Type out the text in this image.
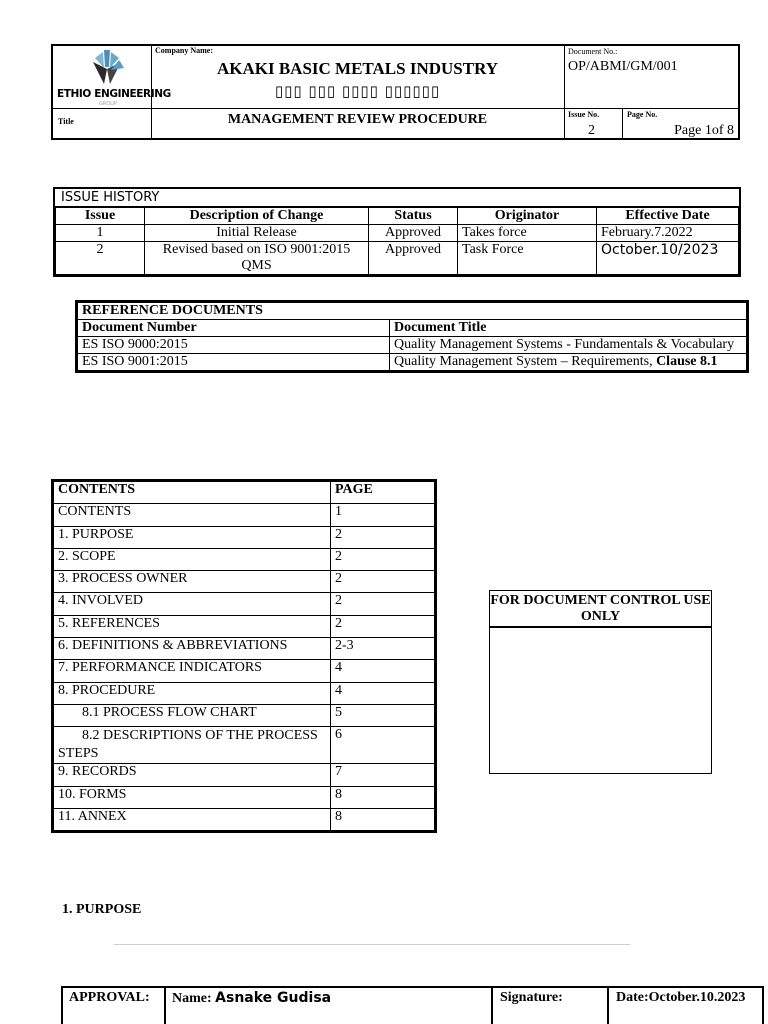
ETHIO ENGINEERING
GROUP
Company Name:
AKAKI BASIC METALS INDUSTRY
▯▯▯ ▯▯▯ ▯▯▯▯ ▯▯▯▯▯▯
Document No.:
OP/ABMI/GM/001
Title	MANAGEMENT REVIEW PROCEDURE	Issue No.
2
Page No.
Page 1of 8
ISSUE HISTORY
Issue	Description of Change	Status	Originator	Effective Date
1	Initial Release	Approved	Takes force	February.7.2022
2	Revised based on ISO 9001:2015 QMS	Approved	Task Force	October.10/2023
REFERENCE DOCUMENTS	
Document Number	Document Title
ES ISO 9000:2015	Quality Management Systems - Fundamentals & Vocabulary
ES ISO 9001:2015	Quality Management System – Requirements, Clause 8.1
CONTENTS	PAGE
CONTENTS	1
1. PURPOSE	2
2. SCOPE	2
3. PROCESS OWNER	2
4. INVOLVED	2
5. REFERENCES	2
6. DEFINITIONS & ABBREVIATIONS	2-3
7. PERFORMANCE INDICATORS	4
8. PROCEDURE	4
8.1 PROCESS FLOW CHART	5
8.2 DESCRIPTIONS OF THE PROCESS STEPS	6
9. RECORDS	7
10. FORMS	8
11. ANNEX	8
FOR DOCUMENT CONTROL USE ONLY
1. PURPOSE
APPROVAL: Name: Asnake Gudisa	Signature:	Date:October.10.2023
